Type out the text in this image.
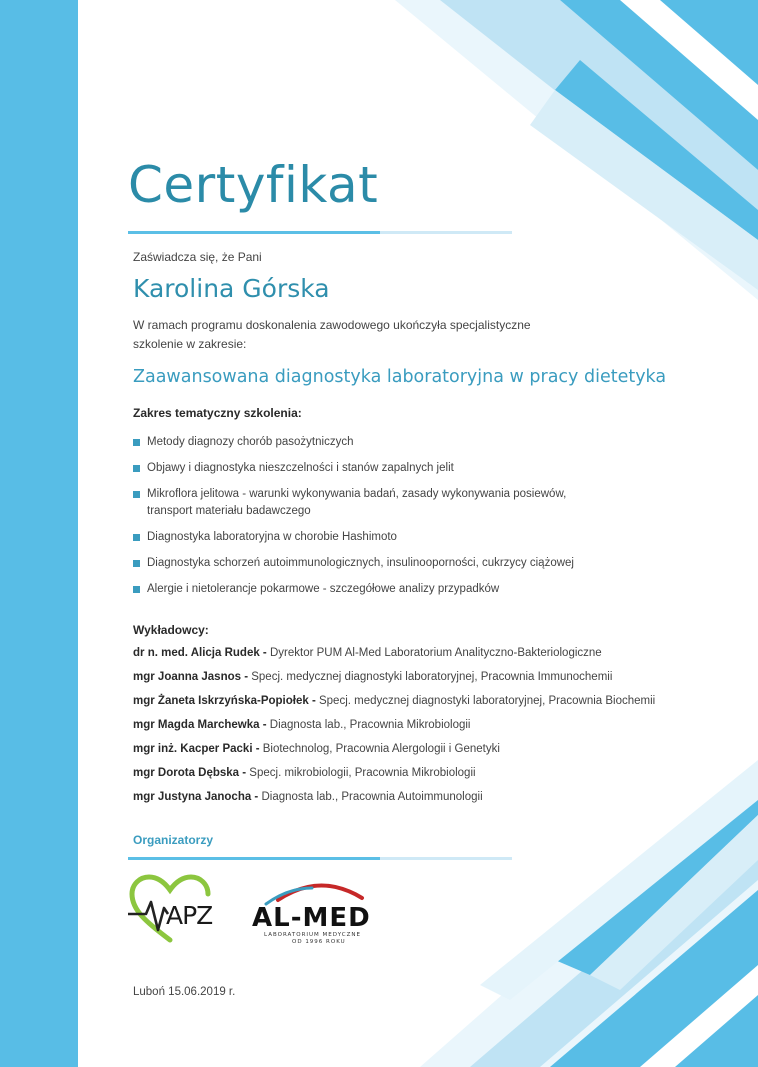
Certyfikat
Zaświadcza się, że Pani
Karolina Górska
W ramach programu doskonalenia zawodowego ukończyła specjalistyczne
szkolenie w zakresie:
Zaawansowana diagnostyka laboratoryjna w pracy dietetyka
Zakres tematyczny szkolenia:
Metody diagnozy chorób pasożytniczych
Objawy i diagnostyka nieszczelności i stanów zapalnych jelit
Mikroflora jelitowa - warunki wykonywania badań, zasady wykonywania posiewów,
transport materiału badawczego
Diagnostyka laboratoryjna w chorobie Hashimoto
Diagnostyka schorzeń autoimmunologicznych, insulinooporności, cukrzycy ciążowej
Alergie i nietolerancje pokarmowe - szczegółowe analizy przypadków
Wykładowcy:
dr n. med. Alicja Rudek - Dyrektor PUM Al-Med Laboratorium Analityczno-Bakteriologiczne
mgr Joanna Jasnos - Specj. medycznej diagnostyki laboratoryjnej, Pracownia Immunochemii
mgr Żaneta Iskrzyńska-Popiołek - Specj. medycznej diagnostyki laboratoryjnej, Pracownia Biochemii
mgr Magda Marchewka - Diagnosta lab., Pracownia Mikrobiologii
mgr inż. Kacper Packi - Biotechnolog, Pracownia Alergologii i Genetyki
mgr Dorota Dębska - Specj. mikrobiologii, Pracownia Mikrobiologii
mgr Justyna Janocha - Diagnosta lab., Pracownia Autoimmunologii
Organizatorzy
APZ AL-MED
LABORATORIUM MEDYCZNE
OD 1996 ROKU
Luboń 15.06.2019 r.
